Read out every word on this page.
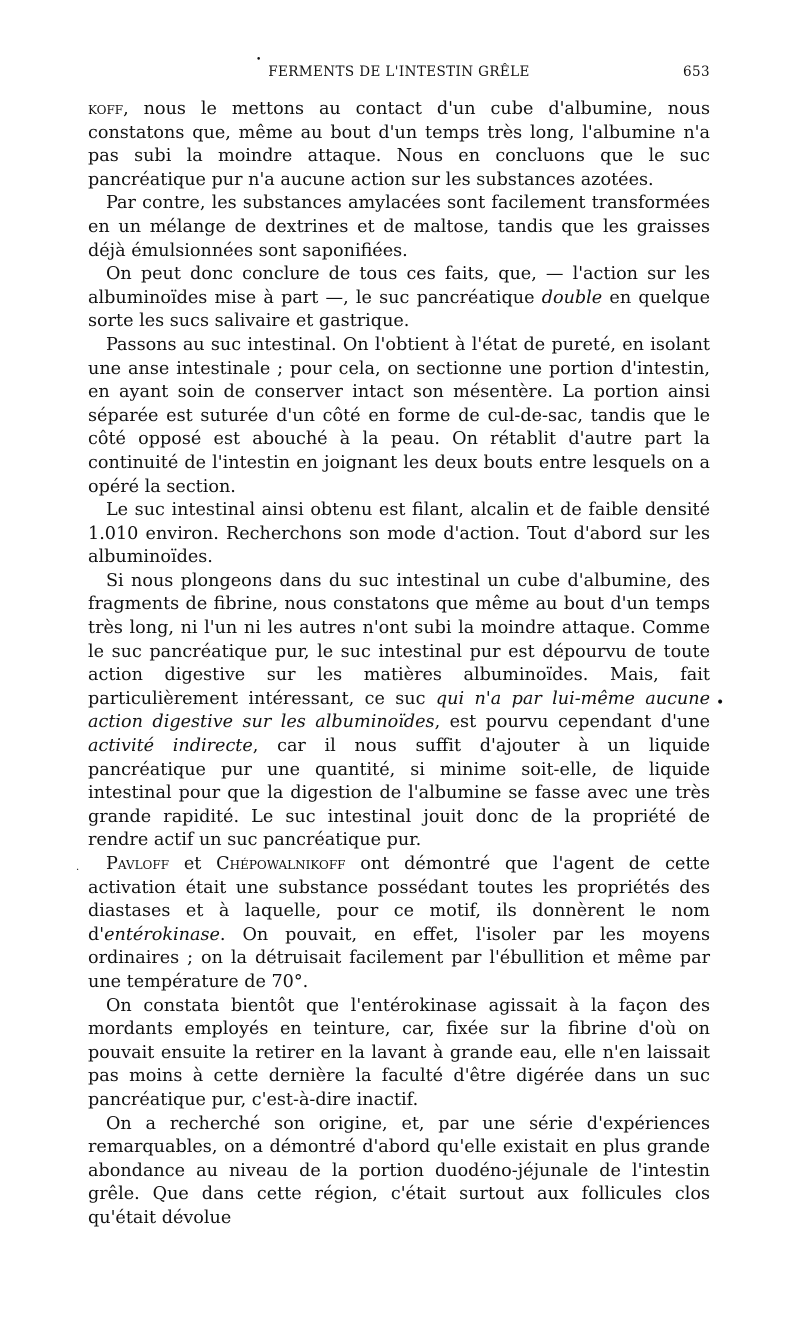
•
FERMENTS DE L'INTESTIN GRÊLE	653

koff, nous le mettons au contact d'un cube d'albumine, nous constatons que, même au bout d'un temps très long, l'albumine n'a pas subi la moindre attaque. Nous en concluons que le suc pancréatique pur n'a aucune action sur les substances azotées.

Par contre, les substances amylacées sont facilement transformées en un mélange de dextrines et de maltose, tandis que les graisses déjà émulsionnées sont saponifiées.

On peut donc conclure de tous ces faits, que, — l'action sur les albuminoïdes mise à part —, le suc pancréatique double en quelque sorte les sucs salivaire et gastrique.

Passons au suc intestinal. On l'obtient à l'état de pureté, en isolant une anse intestinale ; pour cela, on sectionne une portion d'intestin, en ayant soin de conserver intact son mésentère. La portion ainsi séparée est suturée d'un côté en forme de cul-de-sac, tandis que le côté opposé est abouché à la peau. On rétablit d'autre part la continuité de l'intestin en joignant les deux bouts entre lesquels on a opéré la section.

Le suc intestinal ainsi obtenu est filant, alcalin et de faible densité 1.010 environ. Recherchons son mode d'action. Tout d'abord sur les albuminoïdes.

Si nous plongeons dans du suc intestinal un cube d'albumine, des fragments de fibrine, nous constatons que même au bout d'un temps très long, ni l'un ni les autres n'ont subi la moindre attaque. Comme le suc pancréatique pur, le suc intestinal pur est dépourvu de toute action digestive sur les matières albuminoïdes. Mais, fait particulièrement intéressant, ce suc qui n'a par lui-même aucune action digestive sur les albuminoïdes, est pourvu cependant d'une activité indirecte, car il nous suffit d'ajouter à un liquide pancréatique pur une quantité, si minime soit-elle, de liquide intestinal pour que la digestion de l'albumine se fasse avec une très grande rapidité. Le suc intestinal jouit donc de la propriété de rendre actif un suc pancréatique pur.

Pavloff et Chépowalnikoff ont démontré que l'agent de cette activation était une substance possédant toutes les propriétés des diastases et à laquelle, pour ce motif, ils donnèrent le nom d'entérokinase. On pouvait, en effet, l'isoler par les moyens ordinaires ; on la détruisait facilement par l'ébullition et même par une température de 70°.

On constata bientôt que l'entérokinase agissait à la façon des mordants employés en teinture, car, fixée sur la fibrine d'où on pouvait ensuite la retirer en la lavant à grande eau, elle n'en laissait pas moins à cette dernière la faculté d'être digérée dans un suc pancréatique pur, c'est-à-dire inactif.

On a recherché son origine, et, par une série d'expériences remarquables, on a démontré d'abord qu'elle existait en plus grande abondance au niveau de la portion duodéno-jéjunale de l'intestin grêle. Que dans cette région, c'était surtout aux follicules clos qu'était dévolue

•
.
